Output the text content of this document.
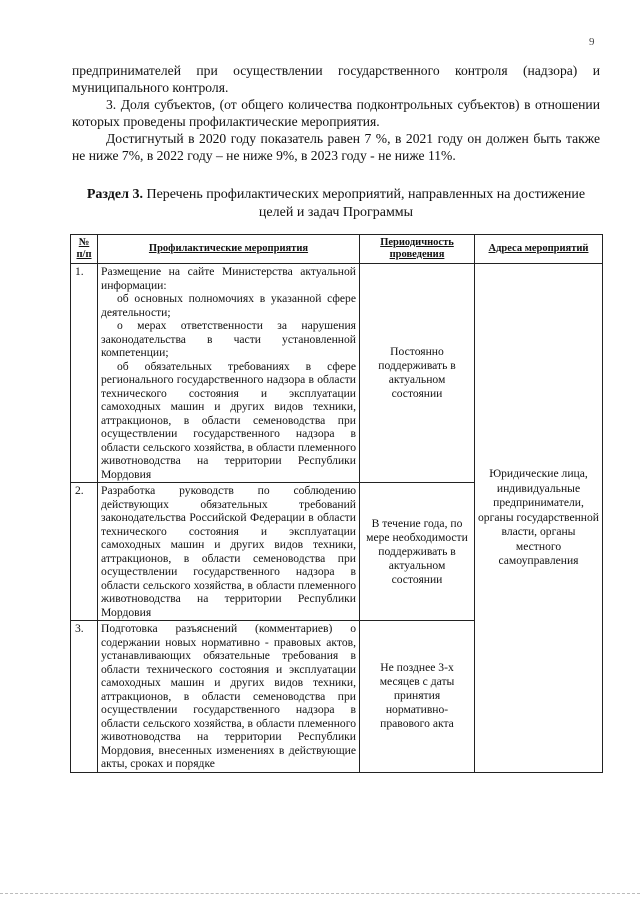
9

предпринимателей при осуществлении государственного контроля (надзора) и муниципального контроля.

3. Доля субъектов, (от общего количества подконтрольных субъектов) в отношении которых проведены профилактические мероприятия.

Достигнутый в 2020 году показатель равен 7 %, в 2021 году он должен быть также не ниже 7%, в 2022 году – не ниже 9%, в 2023 году - не ниже 11%.

Раздел 3. Перечень профилактических мероприятий, направленных на достижение целей и задач Программы
№ п/п	Профилактические мероприятия	Периодичность проведения	Адреса мероприятий
1.	Размещение на сайте Министерства актуальной информации:
об основных полномочиях в указанной сфере деятельности;
о мерах ответственности за нарушения законодательства в части установленной компетенции;
об обязательных требованиях в сфере регионального государственного надзора в области технического состояния и эксплуатации самоходных машин и других видов техники, аттракционов, в области семеноводства при осуществлении государственного надзора в области сельского хозяйства, в области племенного животноводства на территории Республики Мордовия	Постоянно поддерживать в актуальном состоянии	Юридические лица, индивидуальные предприниматели, органы государственной власти, органы местного самоуправления
2.	Разработка руководств по соблюдению действующих обязательных требований законодательства Российской Федерации в области технического состояния и эксплуатации самоходных машин и других видов техники, аттракционов, в области семеноводства при осуществлении государственного надзора в области сельского хозяйства, в области племенного животноводства на территории Республики Мордовия	В течение года, по мере необходимости поддерживать в актуальном состоянии	
3.	Подготовка разъяснений (комментариев) о содержании новых нормативно - правовых актов, устанавливающих обязательные требования в области технического состояния и эксплуатации самоходных машин и других видов техники, аттракционов, в области семеноводства при осуществлении государственного надзора в области сельского хозяйства, в области племенного животноводства на территории Республики Мордовия, внесенных изменениях в действующие акты, сроках и порядке	Не позднее 3-х месяцев с даты принятия нормативно-правового акта	
